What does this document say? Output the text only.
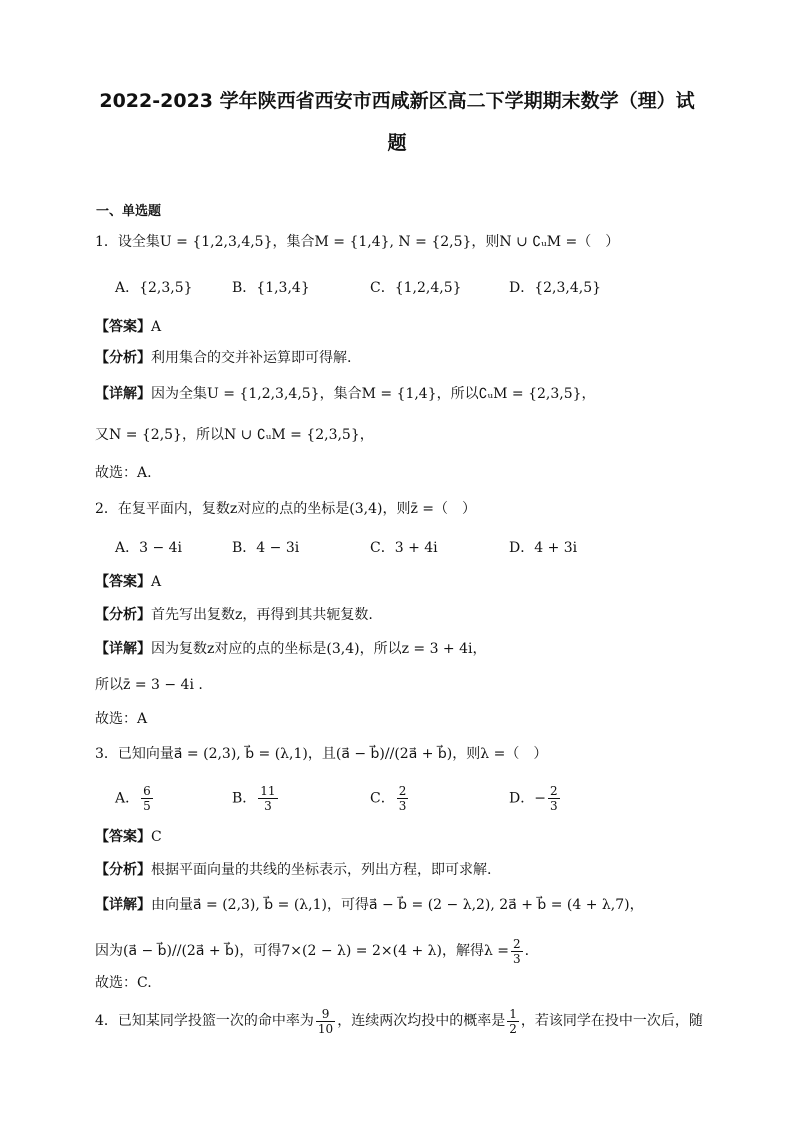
2022-2023 学年陕西省西安市西咸新区高二下学期期末数学（理）试
题
一、单选题
1．设全集U = {1,2,3,4,5}，集合M = {1,4}, N = {2,5}，则N ∪ ∁ᵤM =（　）
A．{2,3,5}	B．{1,3,4}	C．{1,2,4,5}	D．{2,3,4,5}
【答案】A
【分析】利用集合的交并补运算即可得解.
【详解】因为全集U = {1,2,3,4,5}，集合M = {1,4}，所以∁ᵤM = {2,3,5}，
又N = {2,5}，所以N ∪ ∁ᵤM = {2,3,5}，
故选：A.
2．在复平面内，复数z对应的点的坐标是(3,4)，则z̄ =（　）
A．3 − 4i	B．4 − 3i	C．3 + 4i	D．4 + 3i
【答案】A
【分析】首先写出复数z，再得到其共轭复数.
【详解】因为复数z对应的点的坐标是(3,4)，所以z = 3 + 4i，
所以z̄ = 3 − 4i .
故选：A
3．已知向量a⃗ = (2,3), b⃗ = (λ,1)，且(a⃗ − b⃗)//(2a⃗ + b⃗)，则λ =（　）
A． $\frac{6}{5}$	B． $\frac{11}{3}$	C． $\frac{2}{3}$	D．− $\frac{2}{3}$
【答案】C
【分析】根据平面向量的共线的坐标表示，列出方程，即可求解.
【详解】由向量a⃗ = (2,3), b⃗ = (λ,1)，可得a⃗ − b⃗ = (2 − λ,2), 2a⃗ + b⃗ = (4 + λ,7)，
因为(a⃗ − b⃗)//(2a⃗ + b⃗)，可得7×(2 − λ) = 2×(4 + λ)，解得$\lambda = \frac{2}{3}$ .
故选：C.
4．已知某同学投篮一次的命中率为 $\frac{9}{10}$ ，连续两次均投中的概率是 $\frac{1}{2}$ ，若该同学在投中一次后，随
